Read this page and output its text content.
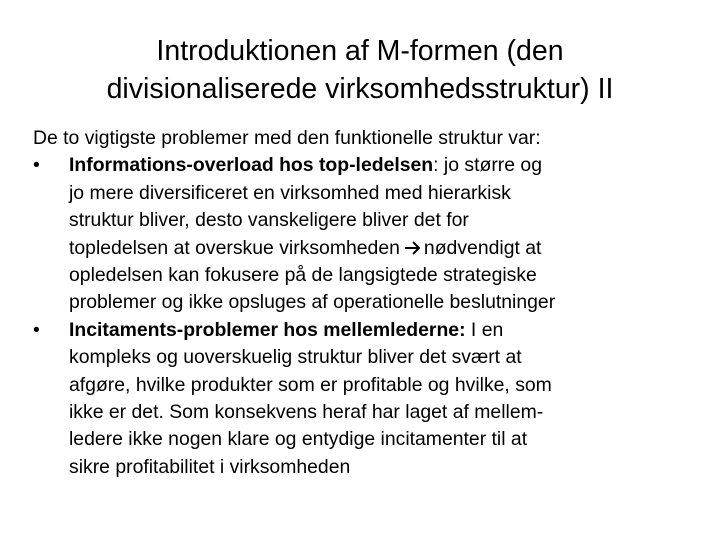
Introduktionen af M-formen (den
divisionaliserede virksomhedsstruktur) II

De to vigtigste problemer med den funktionelle struktur var:

•	Informations-overload hos top-ledelsen: jo større og
jo mere diversificeret en virksomhed med hierarkisk
struktur bliver, desto vanskeligere bliver det for
topledelsen at overskue virksomheden nødvendigt at
opledelsen kan fokusere på de langsigtede strategiske
problemer og ikke opsluges af operationelle beslutninger
•	Incitaments-problemer hos mellemlederne: I en
kompleks og uoverskuelig struktur bliver det svært at
afgøre, hvilke produkter som er profitable og hvilke, som
ikke er det. Som konsekvens heraf har laget af mellem-
ledere ikke nogen klare og entydige incitamenter til at
sikre profitabilitet i virksomheden
